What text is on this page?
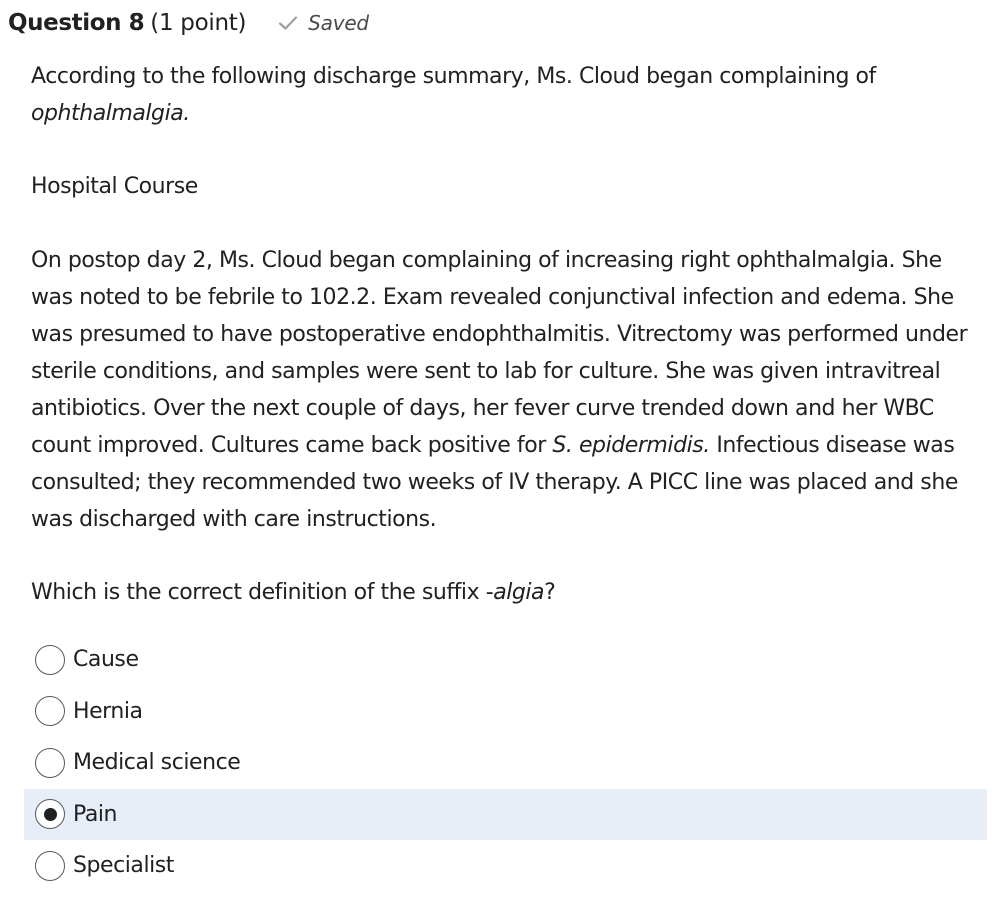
Question 8 (1 point)	Saved

According to the following discharge summary, Ms. Cloud began complaining of ophthalmalgia.

Hospital Course

On postop day 2, Ms. Cloud began complaining of increasing right ophthalmalgia. She was noted to be febrile to 102.2. Exam revealed conjunctival infection and edema. She was presumed to have postoperative endophthalmitis. Vitrectomy was performed under sterile conditions, and samples were sent to lab for culture. She was given intravitreal antibiotics. Over the next couple of days, her fever curve trended down and her WBC count improved. Cultures came back positive for S. epidermidis. Infectious disease was consulted; they recommended two weeks of IV therapy. A PICC line was placed and she was discharged with care instructions.

Which is the correct definition of the suffix -algia?

Cause
Hernia
Medical science
Pain
Specialist
